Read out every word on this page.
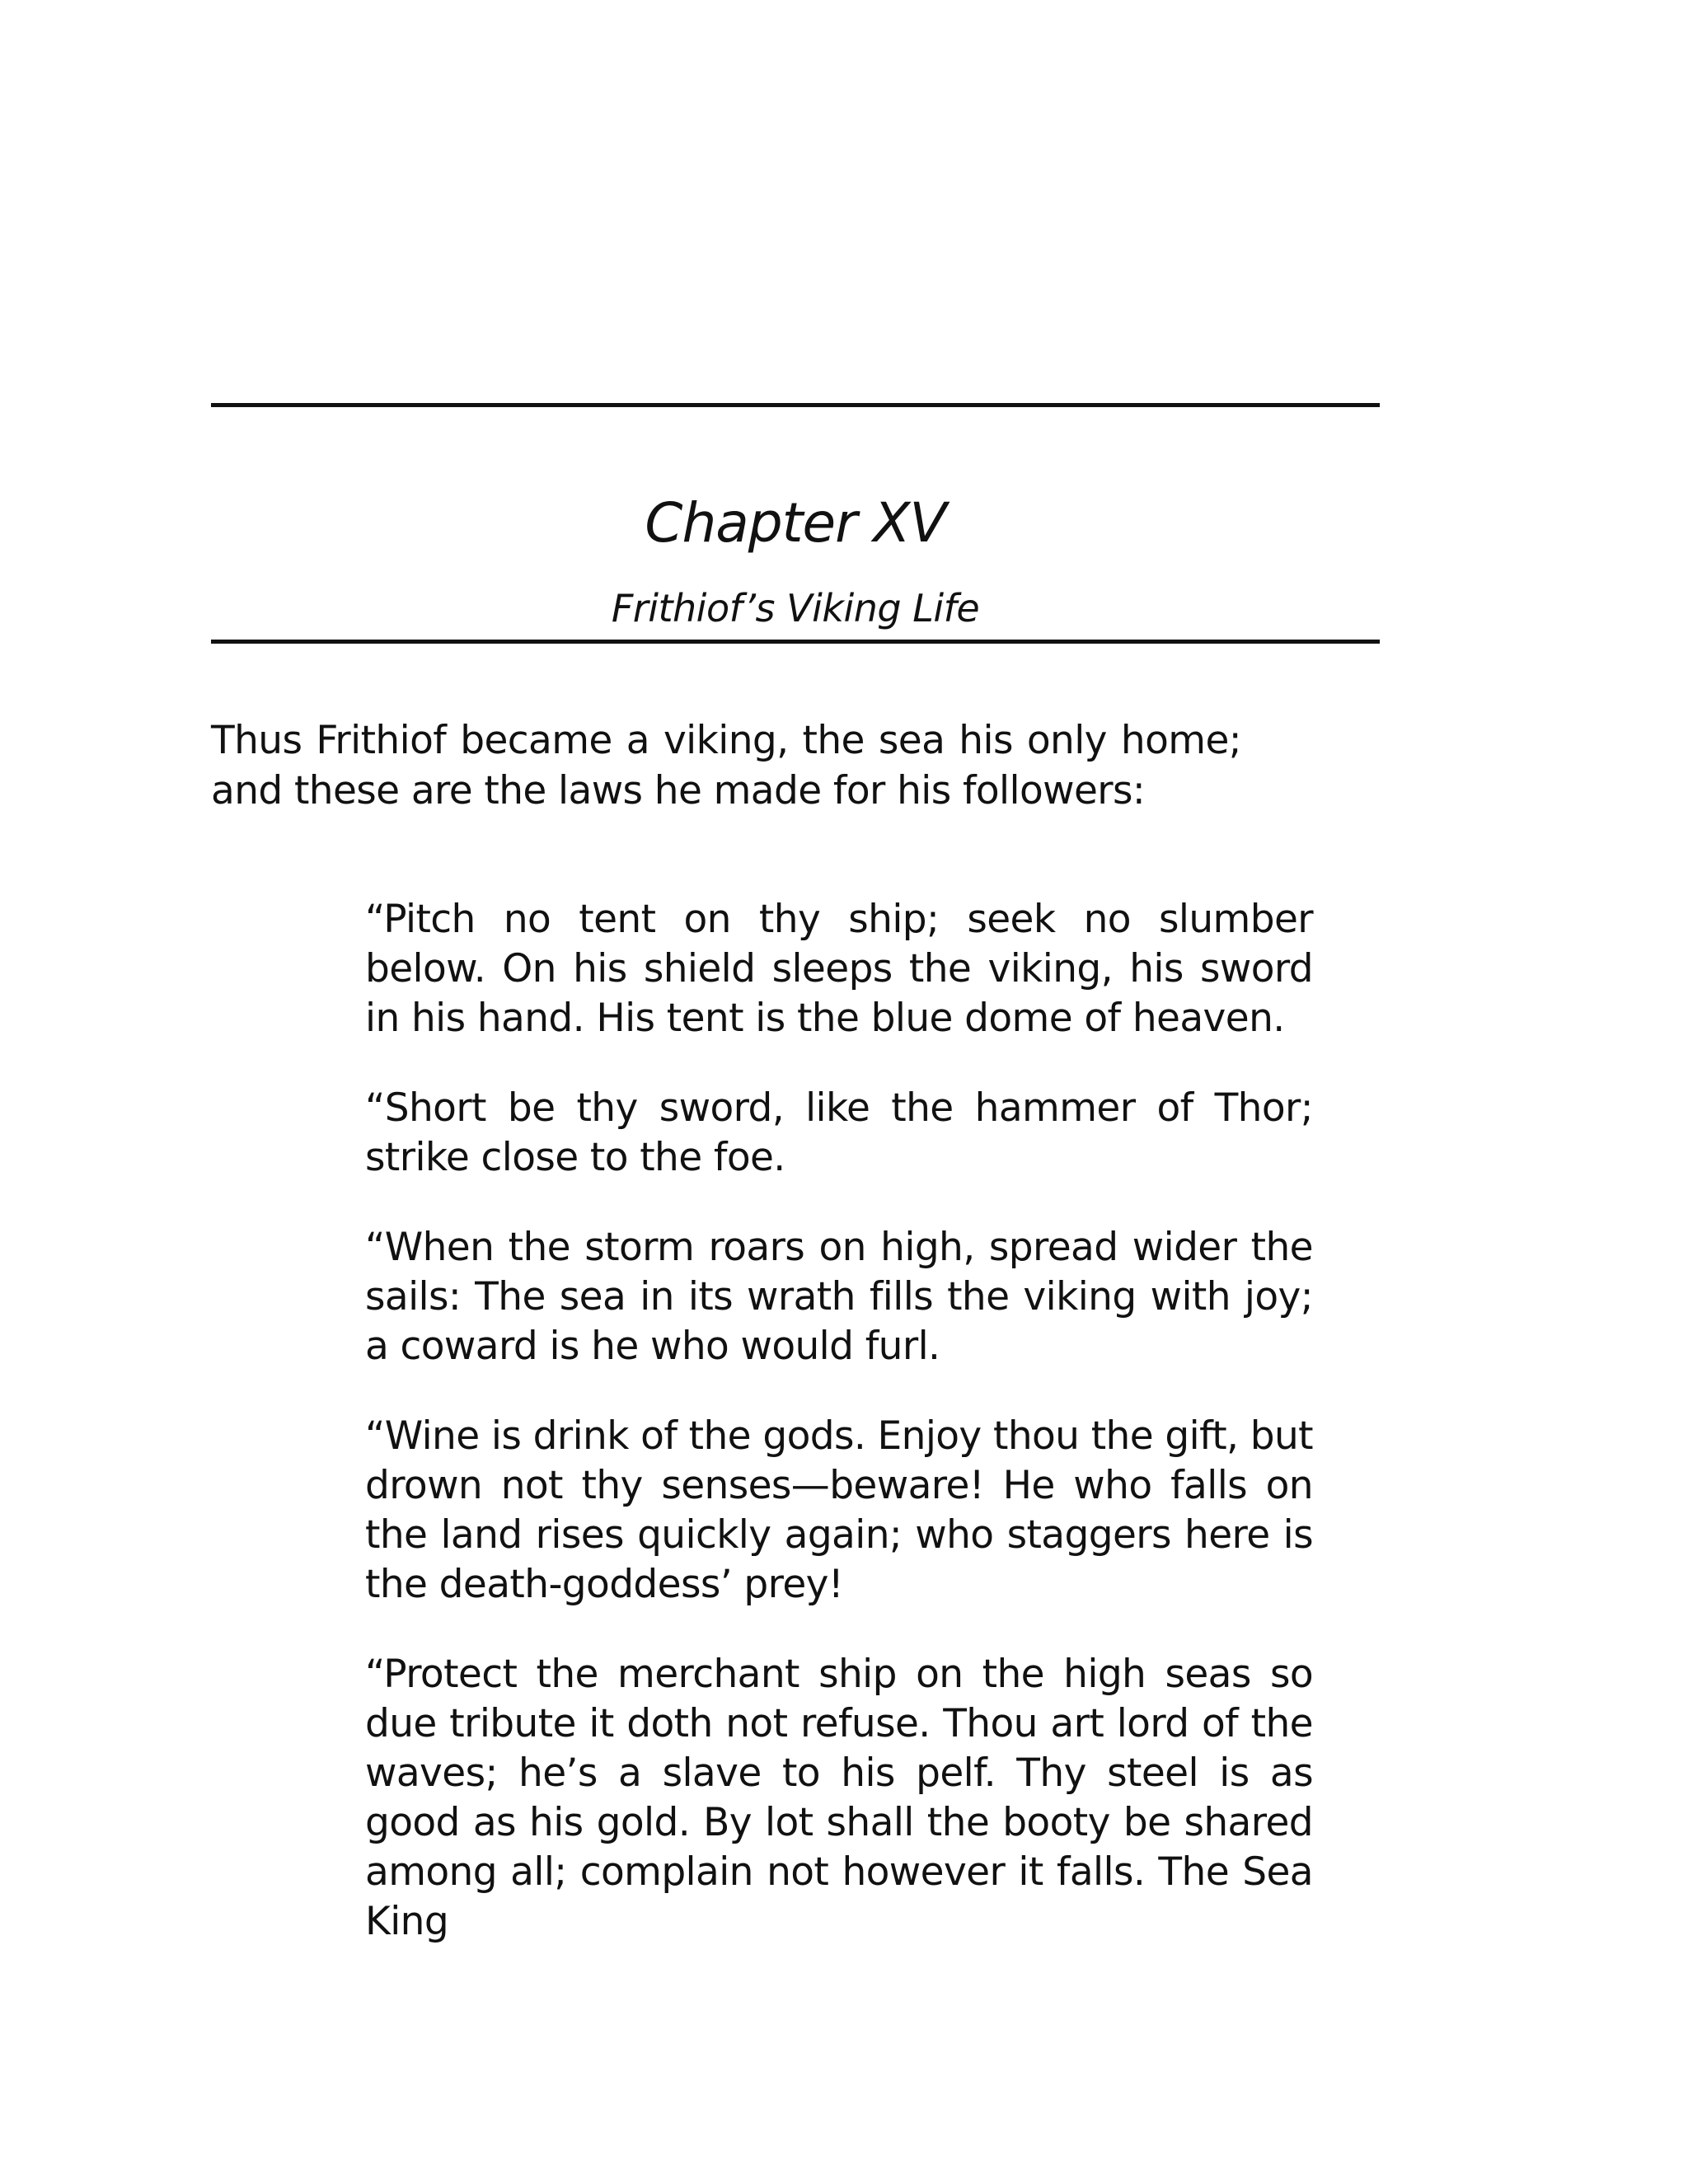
Chapter XV
Frithiof’s Viking Life

Thus Frithiof became a viking, the sea his only home; and these are the laws he made for his followers:

“Pitch no tent on thy ship; seek no slumber below. On his shield sleeps the viking, his sword in his hand. His tent is the blue dome of heaven.

“Short be thy sword, like the hammer of Thor; strike close to the foe.

“When the storm roars on high, spread wider the sails: The sea in its wrath fills the viking with joy; a coward is he who would furl.

“Wine is drink of the gods. Enjoy thou the gift, but drown not thy senses—beware! He who falls on the land rises quickly again; who staggers here is the death-goddess’ prey!

“Protect the merchant ship on the high seas so due tribute it doth not refuse. Thou art lord of the waves; he’s a slave to his pelf. Thy steel is as good as his gold. By lot shall the booty be shared among all; complain not however it falls. The Sea King
